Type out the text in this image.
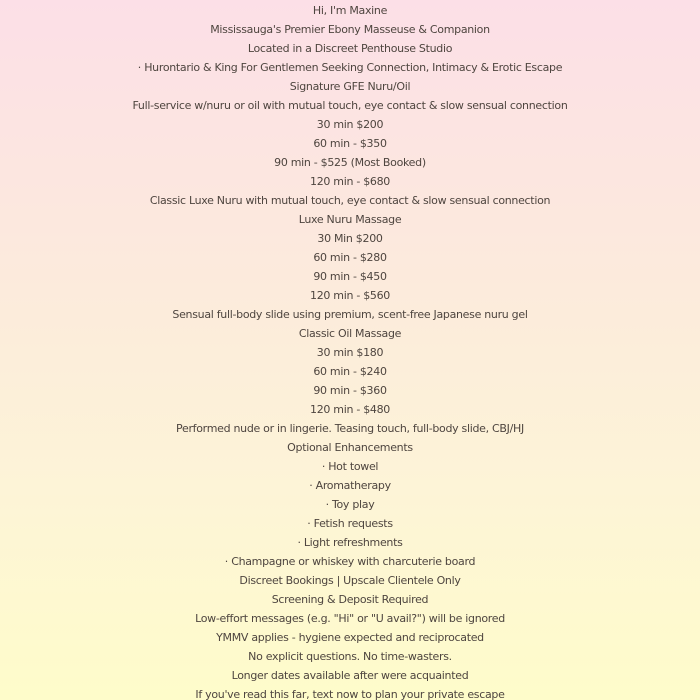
Hi, I'm Maxine
Mississauga's Premier Ebony Masseuse & Companion
Located in a Discreet Penthouse Studio
· Hurontario & King For Gentlemen Seeking Connection, Intimacy & Erotic Escape
Signature GFE Nuru/Oil
Full-service w/nuru or oil with mutual touch, eye contact & slow sensual connection
30 min $200
60 min - $350
90 min - $525 (Most Booked)
120 min - $680
Classic Luxe Nuru with mutual touch, eye contact & slow sensual connection
Luxe Nuru Massage
30 Min $200
60 min - $280
90 min - $450
120 min - $560
Sensual full-body slide using premium, scent-free Japanese nuru gel
Classic Oil Massage
30 min $180
60 min - $240
90 min - $360
120 min - $480
Performed nude or in lingerie. Teasing touch, full-body slide, CBJ/HJ
Optional Enhancements
· Hot towel
· Aromatherapy
· Toy play
· Fetish requests
· Light refreshments
· Champagne or whiskey with charcuterie board
Discreet Bookings | Upscale Clientele Only
Screening & Deposit Required
Low-effort messages (e.g. "Hi" or "U avail?") will be ignored
YMMV applies - hygiene expected and reciprocated
No explicit questions. No time-wasters.
Longer dates available after were acquainted
If you've read this far, text now to plan your private escape
